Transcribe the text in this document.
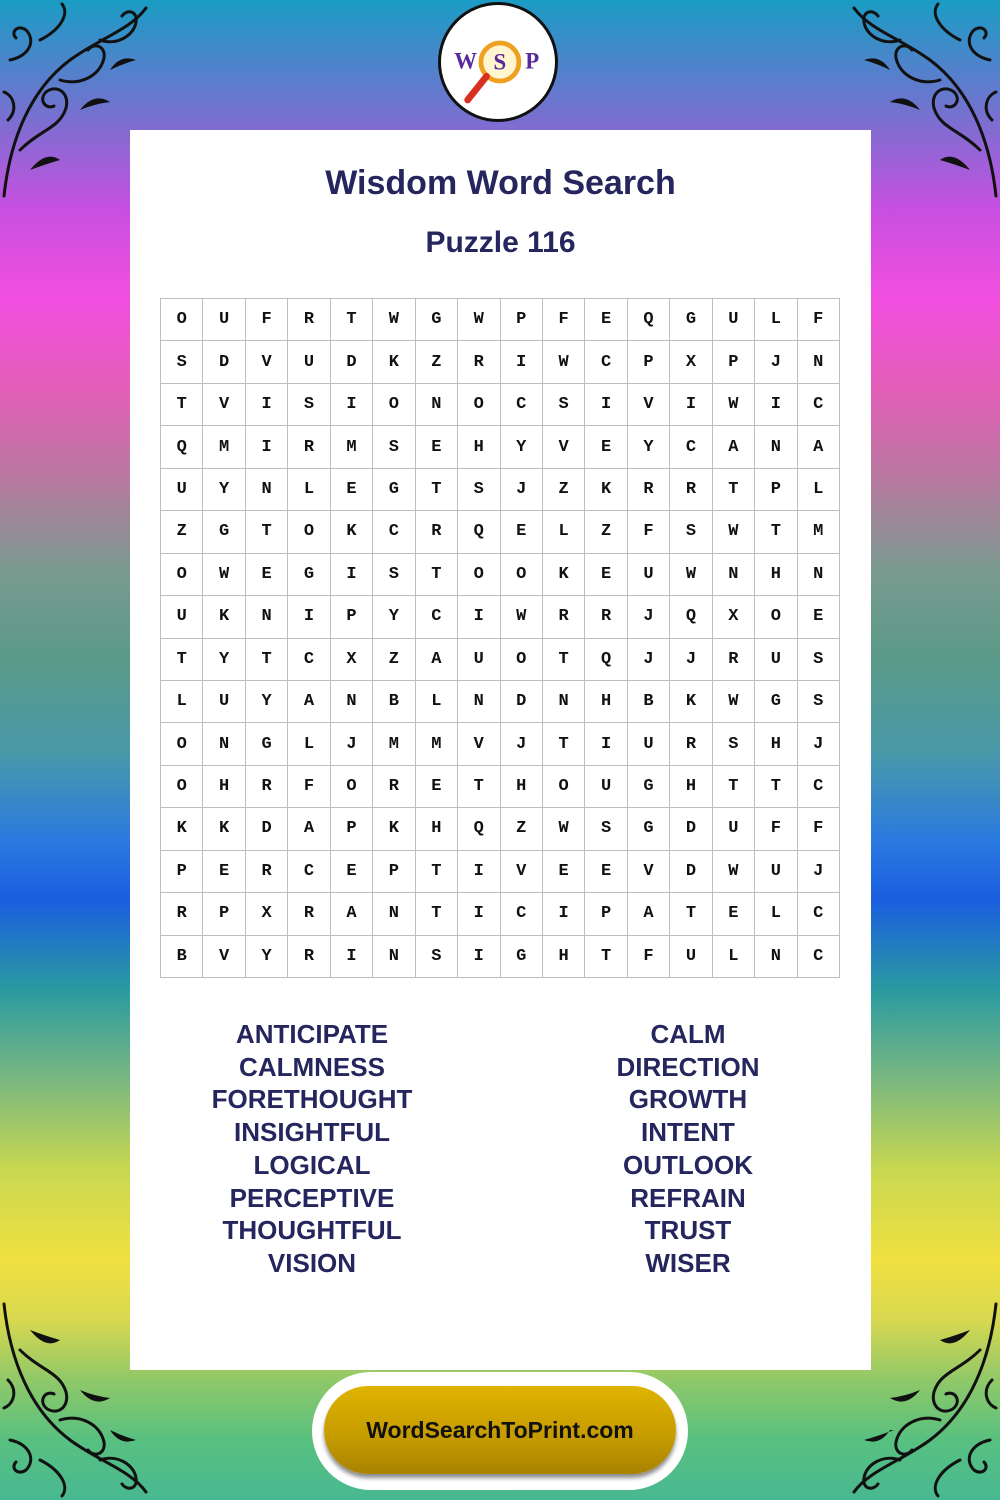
W S P
Wisdom Word Search
Puzzle 116
O	U	F	R	T	W	G	W	P	F	E	Q	G	U	L	F
S	D	V	U	D	K	Z	R	I	W	C	P	X	P	J	N
T	V	I	S	I	O	N	O	C	S	I	V	I	W	I	C
Q	M	I	R	M	S	E	H	Y	V	E	Y	C	A	N	A
U	Y	N	L	E	G	T	S	J	Z	K	R	R	T	P	L
Z	G	T	O	K	C	R	Q	E	L	Z	F	S	W	T	M
O	W	E	G	I	S	T	O	O	K	E	U	W	N	H	N
U	K	N	I	P	Y	C	I	W	R	R	J	Q	X	O	E
T	Y	T	C	X	Z	A	U	O	T	Q	J	J	R	U	S
L	U	Y	A	N	B	L	N	D	N	H	B	K	W	G	S
O	N	G	L	J	M	M	V	J	T	I	U	R	S	H	J
O	H	R	F	O	R	E	T	H	O	U	G	H	T	T	C
K	K	D	A	P	K	H	Q	Z	W	S	G	D	U	F	F
P	E	R	C	E	P	T	I	V	E	E	V	D	W	U	J
R	P	X	R	A	N	T	I	C	I	P	A	T	E	L	C
B	V	Y	R	I	N	S	I	G	H	T	F	U	L	N	C
ANTICIPATE
CALMNESS
FORETHOUGHT
INSIGHTFUL
LOGICAL
PERCEPTIVE
THOUGHTFUL
VISION
CALM
DIRECTION
GROWTH
INTENT
OUTLOOK
REFRAIN
TRUST
WISER
WordSearchToPrint.com
